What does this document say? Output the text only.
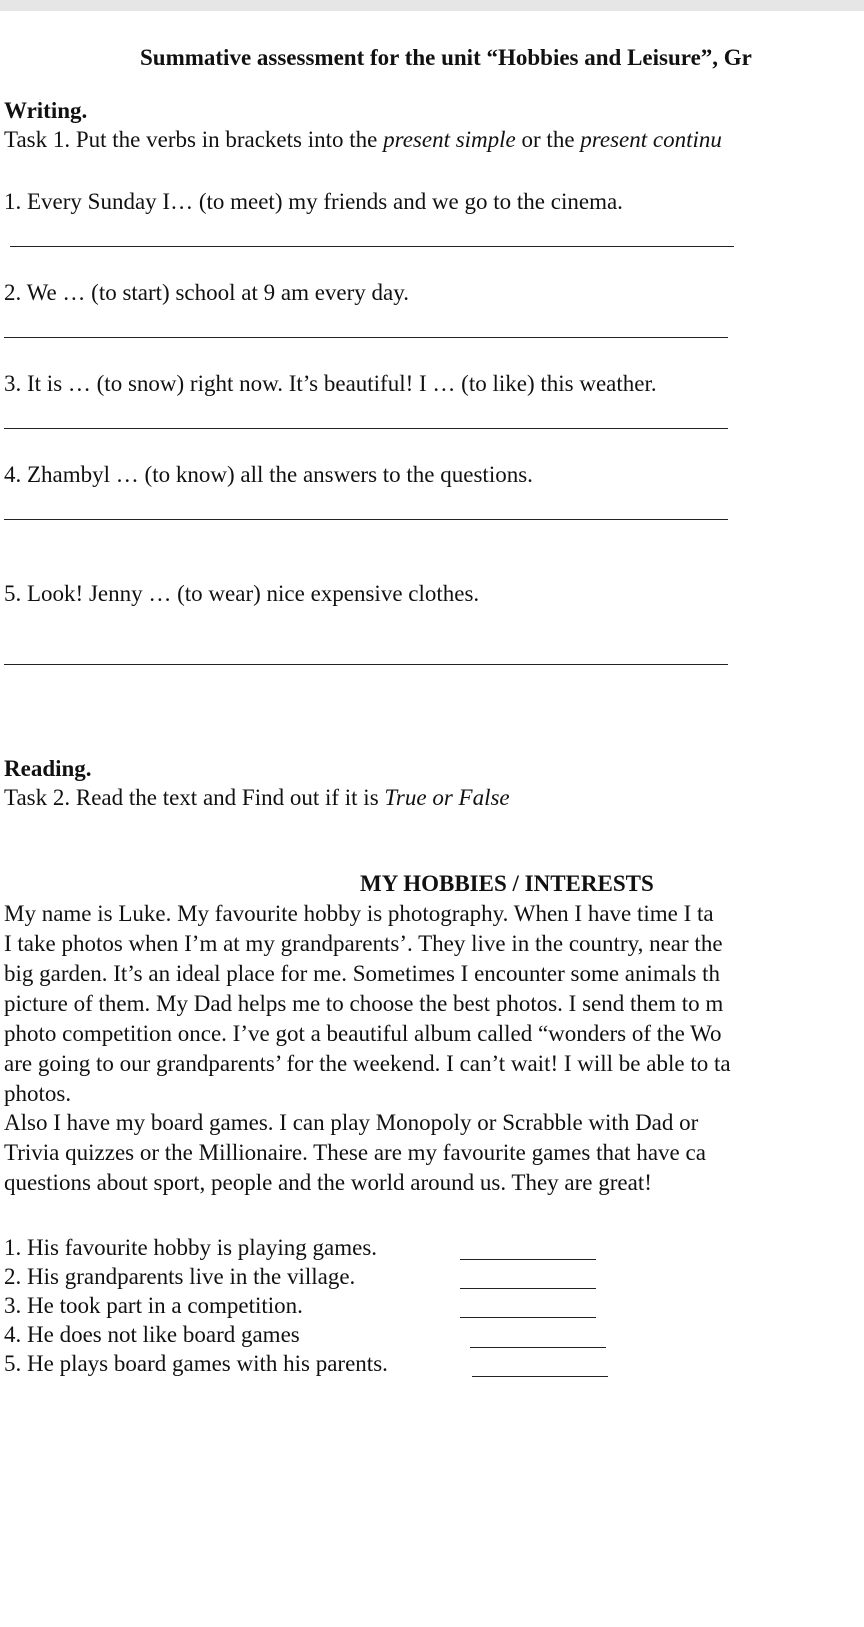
Summative assessment for the unit “Hobbies and Leisure”, Gr
Writing.
Task 1. Put the verbs in brackets into the present simple or the present continu
1. Every Sunday I… (to meet) my friends and we go to the cinema.
2. We … (to start) school at 9 am every day.
3. It is … (to snow) right now. It’s beautiful! I … (to like) this weather.
4. Zhambyl … (to know) all the answers to the questions.
5. Look! Jenny … (to wear) nice expensive clothes.
Reading.
Task 2. Read the text and Find out if it is True or False
MY HOBBIES / INTERESTS
My name is Luke. My favourite hobby is photography. When I have time I ta
I take photos when I’m at my grandparents’. They live in the country, near the
big garden. It’s an ideal place for me. Sometimes I encounter some animals th
picture of them. My Dad helps me to choose the best photos. I send them to m
photo competition once. I’ve got a beautiful album called “wonders of the Wo
are going to our grandparents’ for the weekend. I can’t wait! I will be able to ta
photos.
Also I have my board games. I can play Monopoly or Scrabble with Dad or
Trivia quizzes or the Millionaire. These are my favourite games that have ca
questions about sport, people and the world around us. They are great!
1. His favourite hobby is playing games.
2. His grandparents live in the village.
3. He took part in a competition.
4. He does not like board games
5. He plays board games with his parents.
